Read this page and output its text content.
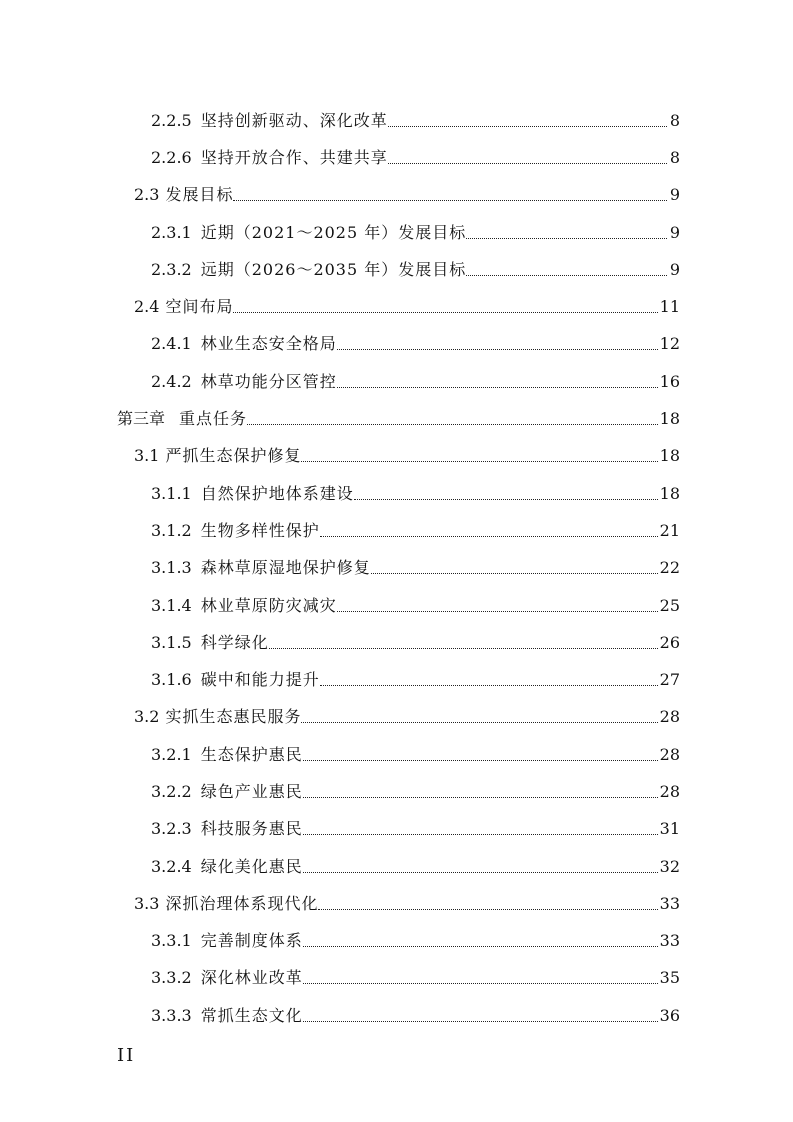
2.2.5 坚持创新驱动、深化改革	8
2.2.6 坚持开放合作、共建共享	8
2.3 发展目标	9
2.3.1 近期（2021～2025 年）发展目标	9
2.3.2 远期（2026～2035 年）发展目标	9
2.4 空间布局	11
2.4.1 林业生态安全格局	12
2.4.2 林草功能分区管控	16
第三章 重点任务	18
3.1 严抓生态保护修复	18
3.1.1 自然保护地体系建设	18
3.1.2 生物多样性保护	21
3.1.3 森林草原湿地保护修复	22
3.1.4 林业草原防灾减灾	25
3.1.5 科学绿化	26
3.1.6 碳中和能力提升	27
3.2 实抓生态惠民服务	28
3.2.1 生态保护惠民	28
3.2.2 绿色产业惠民	28
3.2.3 科技服务惠民	31
3.2.4 绿化美化惠民	32
3.3 深抓治理体系现代化	33
3.3.1 完善制度体系	33
3.3.2 深化林业改革	35
3.3.3 常抓生态文化	36
II
